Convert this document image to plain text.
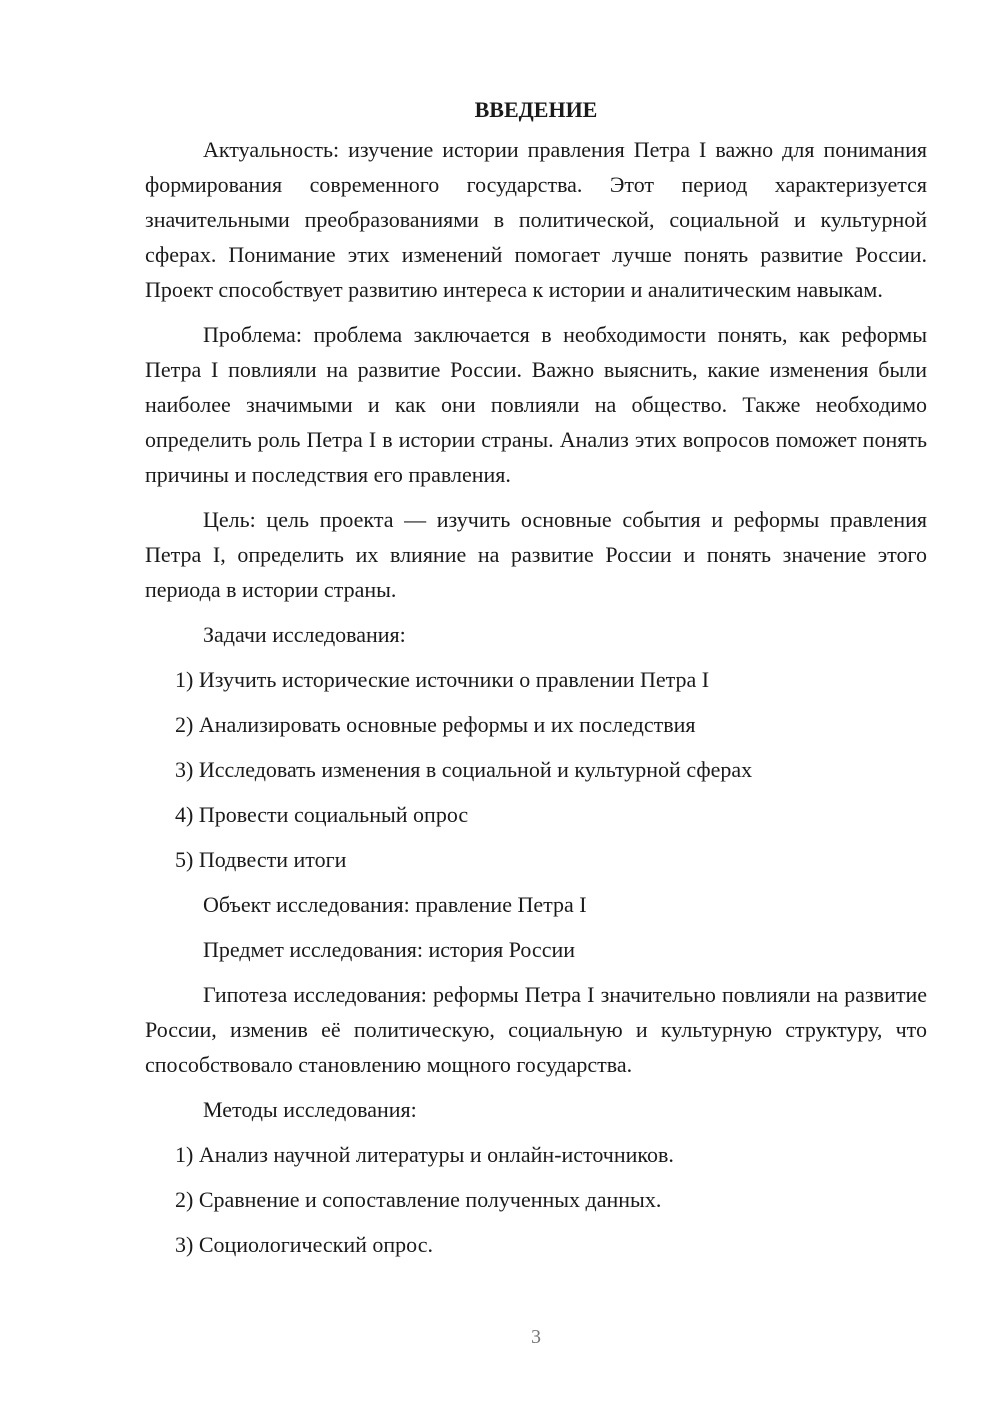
ВВЕДЕНИЕ

Актуальность: изучение истории правления Петра I важно для понимания формирования современного государства. Этот период характеризуется значительными преобразованиями в политической, социальной и культурной сферах. Понимание этих изменений помогает лучше понять развитие России. Проект способствует развитию интереса к истории и аналитическим навыкам.

Проблема: проблема заключается в необходимости понять, как реформы Петра I повлияли на развитие России. Важно выяснить, какие изменения были наиболее значимыми и как они повлияли на общество. Также необходимо определить роль Петра I в истории страны. Анализ этих вопросов поможет понять причины и последствия его правления.

Цель: цель проекта — изучить основные события и реформы правления Петра I, определить их влияние на развитие России и понять значение этого периода в истории страны.

Задачи исследования:
1) Изучить исторические источники о правлении Петра I
2) Анализировать основные реформы и их последствия
3) Исследовать изменения в социальной и культурной сферах
4) Провести социальный опрос
5) Подвести итоги
Объект исследования: правление Петра I
Предмет исследования: история России

Гипотеза исследования: реформы Петра I значительно повлияли на развитие России, изменив её политическую, социальную и культурную структуру, что способствовало становлению мощного государства.

Методы исследования:
1) Анализ научной литературы и онлайн-источников.
2) Сравнение и сопоставление полученных данных.
3) Социологический опрос.
3
